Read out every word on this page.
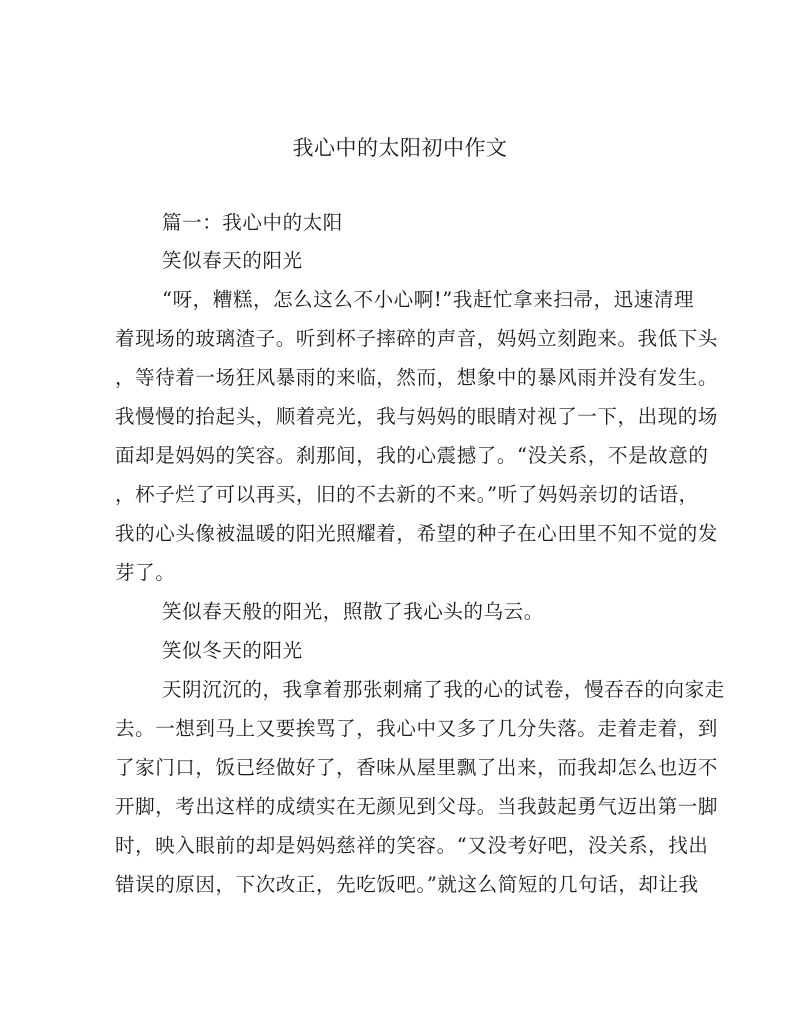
我心中的太阳初中作文
篇一：我心中的太阳
笑似春天的阳光
“呀，糟糕，怎么这么不小心啊!”我赶忙拿来扫帚，迅速清理
着现场的玻璃渣子。听到杯子摔碎的声音，妈妈立刻跑来。我低下头
，等待着一场狂风暴雨的来临，然而，想象中的暴风雨并没有发生。
我慢慢的抬起头，顺着亮光，我与妈妈的眼睛对视了一下，出现的场
面却是妈妈的笑容。刹那间，我的心震撼了。“没关系，不是故意的
，杯子烂了可以再买，旧的不去新的不来。”听了妈妈亲切的话语，
我的心头像被温暖的阳光照耀着，希望的种子在心田里不知不觉的发
芽了。
笑似春天般的阳光，照散了我心头的乌云。
笑似冬天的阳光
天阴沉沉的，我拿着那张刺痛了我的心的试卷，慢吞吞的向家走
去。一想到马上又要挨骂了，我心中又多了几分失落。走着走着，到
了家门口，饭已经做好了，香味从屋里飘了出来，而我却怎么也迈不
开脚，考出这样的成绩实在无颜见到父母。当我鼓起勇气迈出第一脚
时，映入眼前的却是妈妈慈祥的笑容。“又没考好吧，没关系，找出
错误的原因，下次改正，先吃饭吧。”就这么简短的几句话，却让我
